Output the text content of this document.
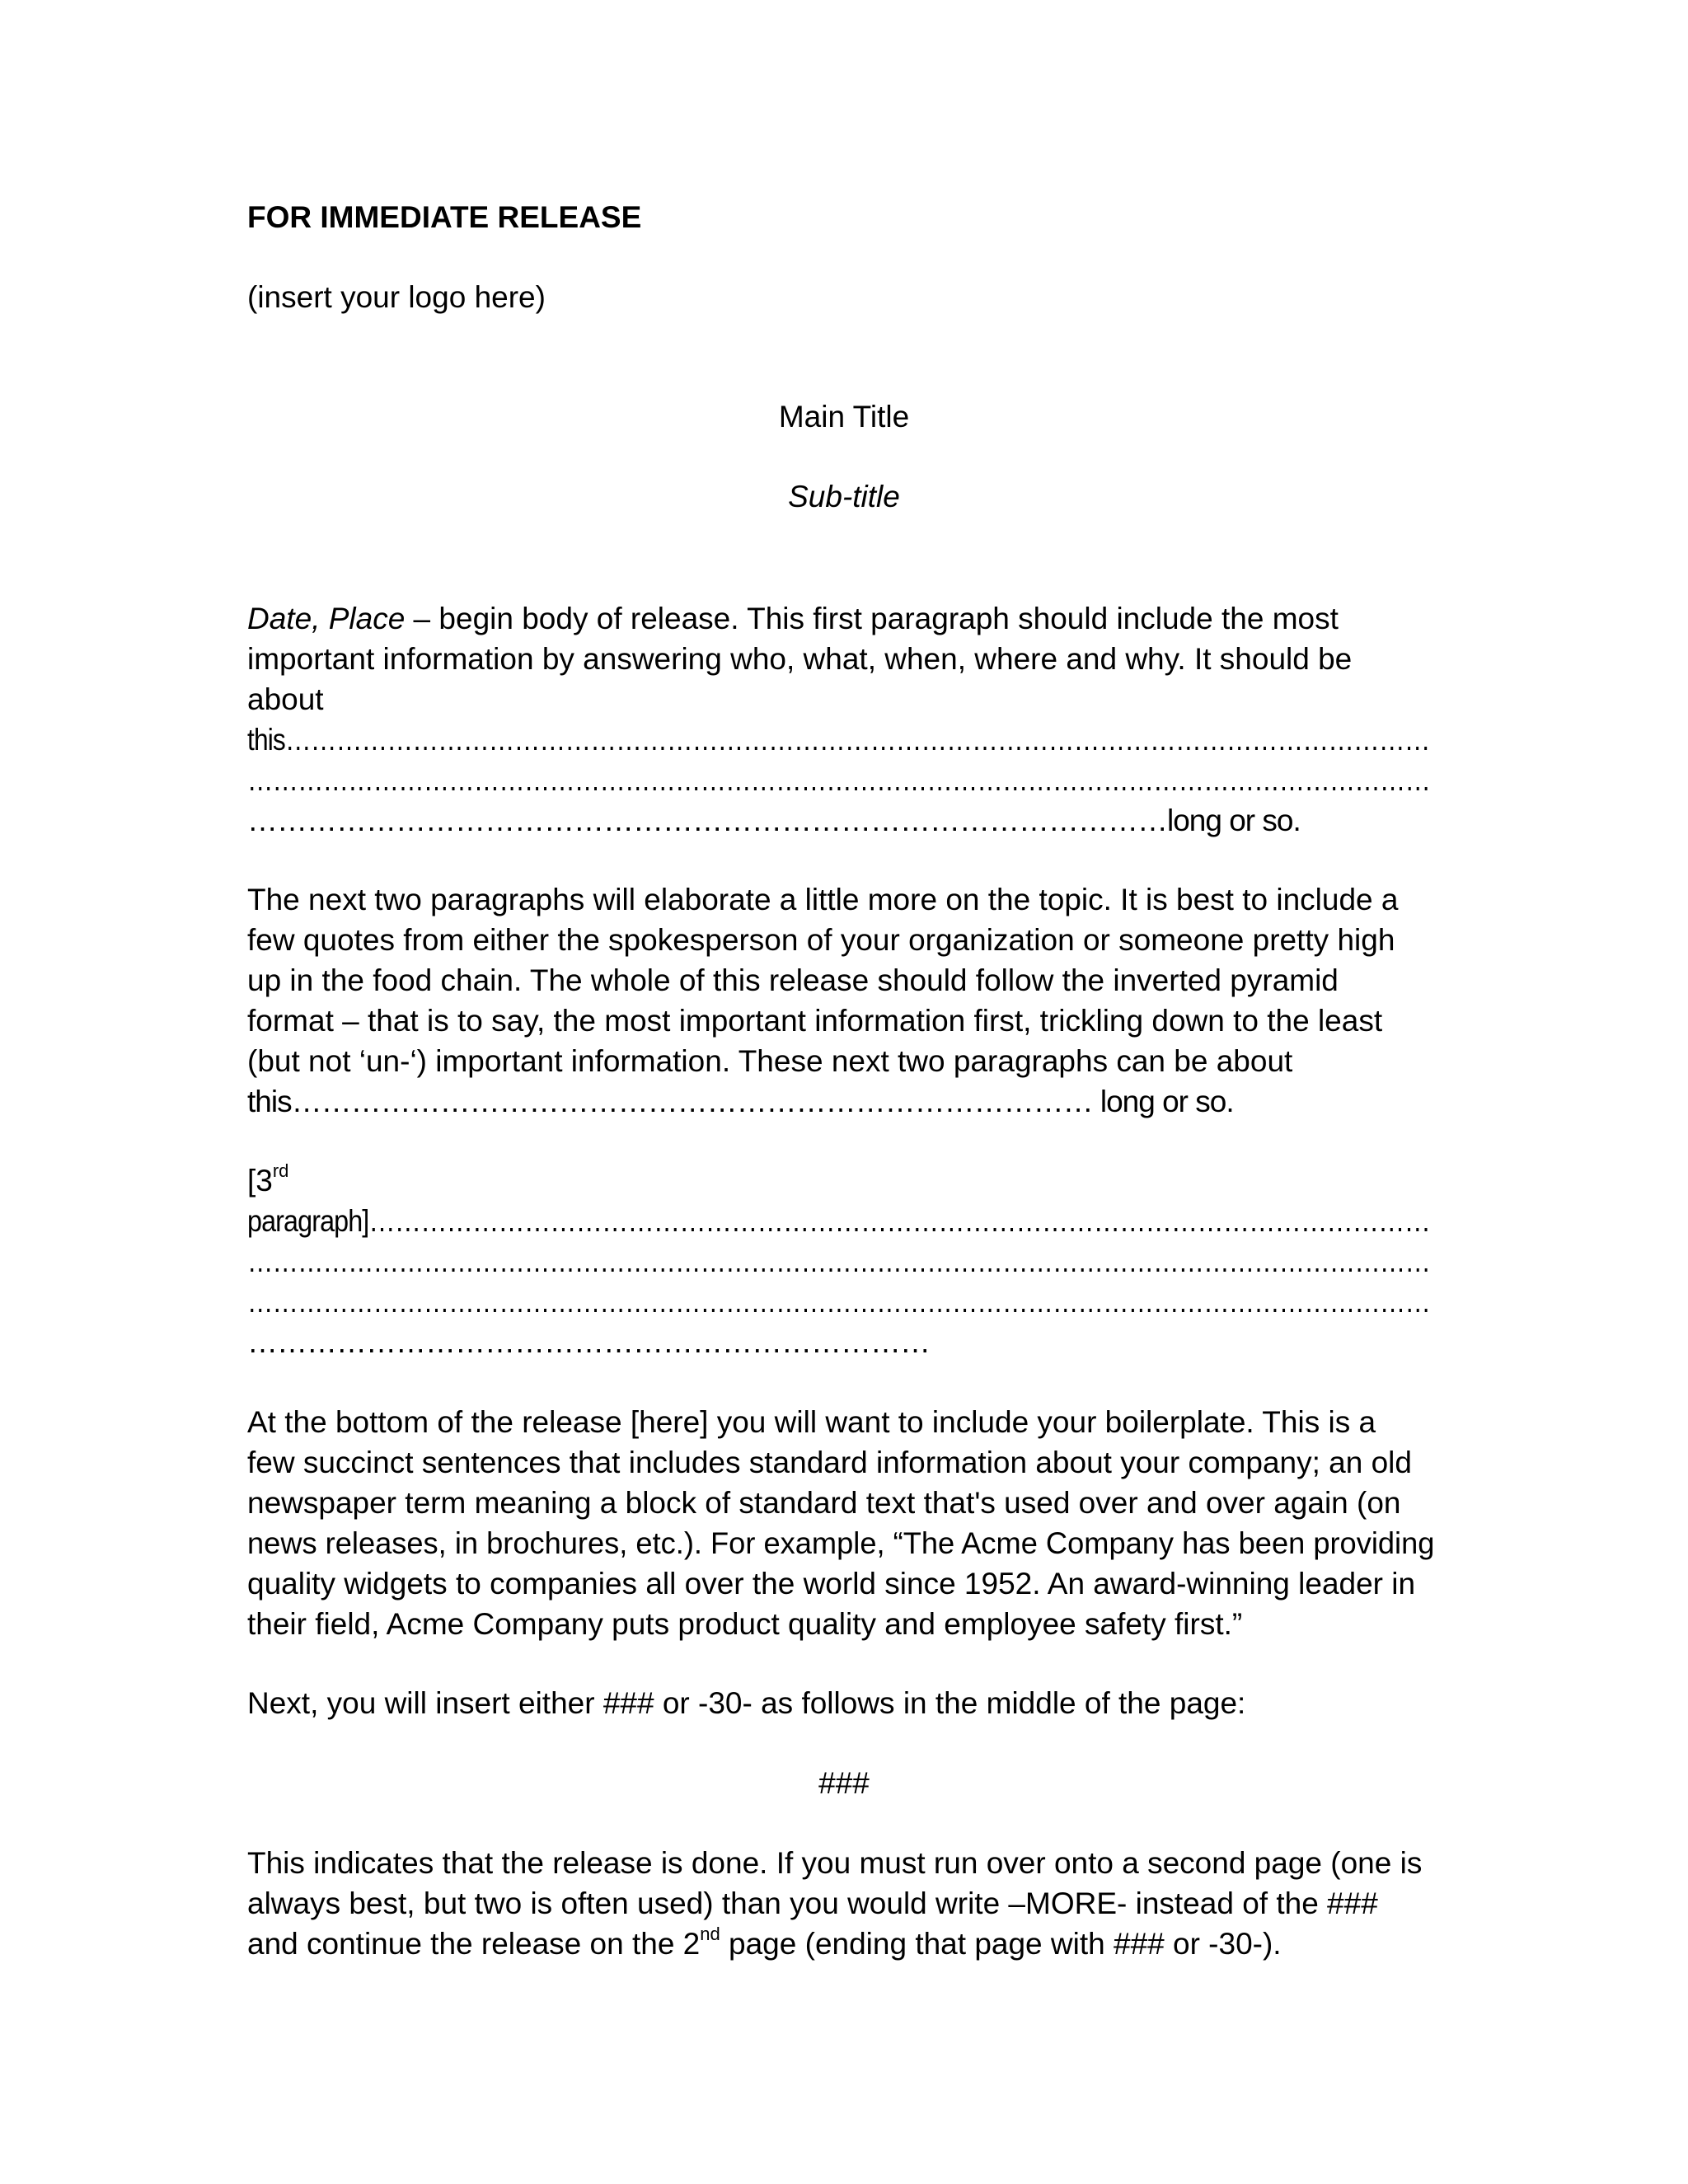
FOR IMMEDIATE RELEASE
(insert your logo here)
Main Title
Sub-title
Date, Place – begin body of release. This first paragraph should include the most
important information by answering who, what, when, where and why. It should be
about
this………………………………………………………………………………………………………………………
……………………………………………………………………………………………………………………………
…………………………………………………………………………………long or so.
The next two paragraphs will elaborate a little more on the topic. It is best to include a
few quotes from either the spokesperson of your organization or someone pretty high
up in the food chain. The whole of this release should follow the inverted pyramid
format – that is to say, the most important information first, trickling down to the least
(but not ‘un-‘) important information. These next two paragraphs can be about
this……………………………………………………………………… long or so.
[3rd
paragraph]……………………………………………………………………………………………………………
……………………………………………………………………………………………………………………………
……………………………………………………………………………………………………………………………
……………………………………………………………
At the bottom of the release [here] you will want to include your boilerplate. This is a
few succinct sentences that includes standard information about your company; an old
newspaper term meaning a block of standard text that's used over and over again (on
news releases, in brochures, etc.). For example, “The Acme Company has been providing
quality widgets to companies all over the world since 1952. An award-winning leader in
their field, Acme Company puts product quality and employee safety first.”
Next, you will insert either ### or -30- as follows in the middle of the page:
###
This indicates that the release is done. If you must run over onto a second page (one is
always best, but two is often used) than you would write –MORE- instead of the ###
and continue the release on the 2nd page (ending that page with ### or -30-).
